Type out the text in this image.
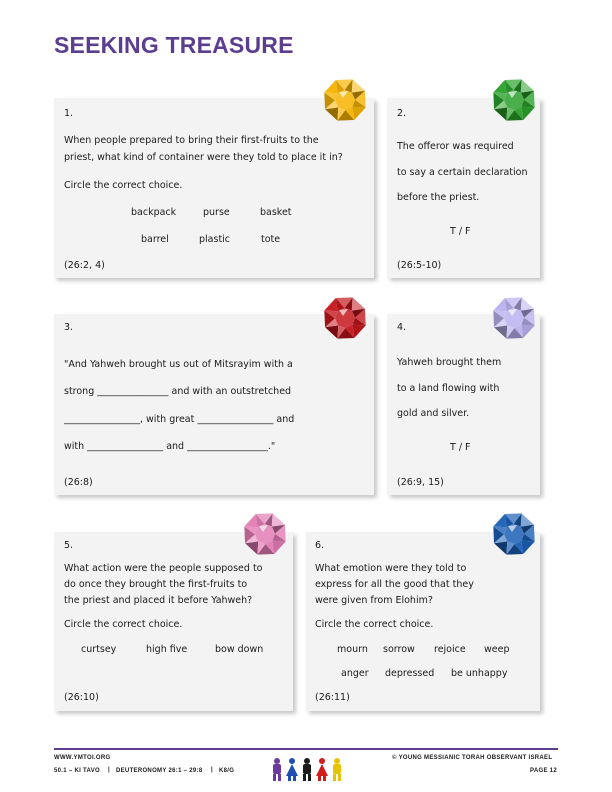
SEEKING TREASURE
1.
When people prepared to bring their first-fruits to the
priest, what kind of container were they told to place it in?
Circle the correct choice.
backpack	purse	basket
barrel	plastic	tote
(26:2, 4)
2.
The offeror was required
to say a certain declaration
before the priest.
T / F
(26:5-10)
3.
"And Yahweh brought us out of Mitsrayim with a
strong _______________ and with an outstretched
________________, with great ________________ and
with ________________ and _________________."
(26:8)
4.
Yahweh brought them
to a land flowing with
gold and silver.
T / F
(26:9, 15)
5.
What action were the people supposed to
do once they brought the first-fruits to
the priest and placed it before Yahweh?
Circle the correct choice.
curtsey	high five	bow down
(26:10)
6.
What emotion were they told to
express for all the good that they
were given from Elohim?
Circle the correct choice.
mourn sorrow rejoice weep
anger depressed be unhappy
(26:11)
WWW.YMTOI.ORG
50.1 – KI TAVO | DEUTERONOMY 26:1 – 29:8 | K8/G
© YOUNG MESSIANIC TORAH OBSERVANT ISRAEL
PAGE 12
